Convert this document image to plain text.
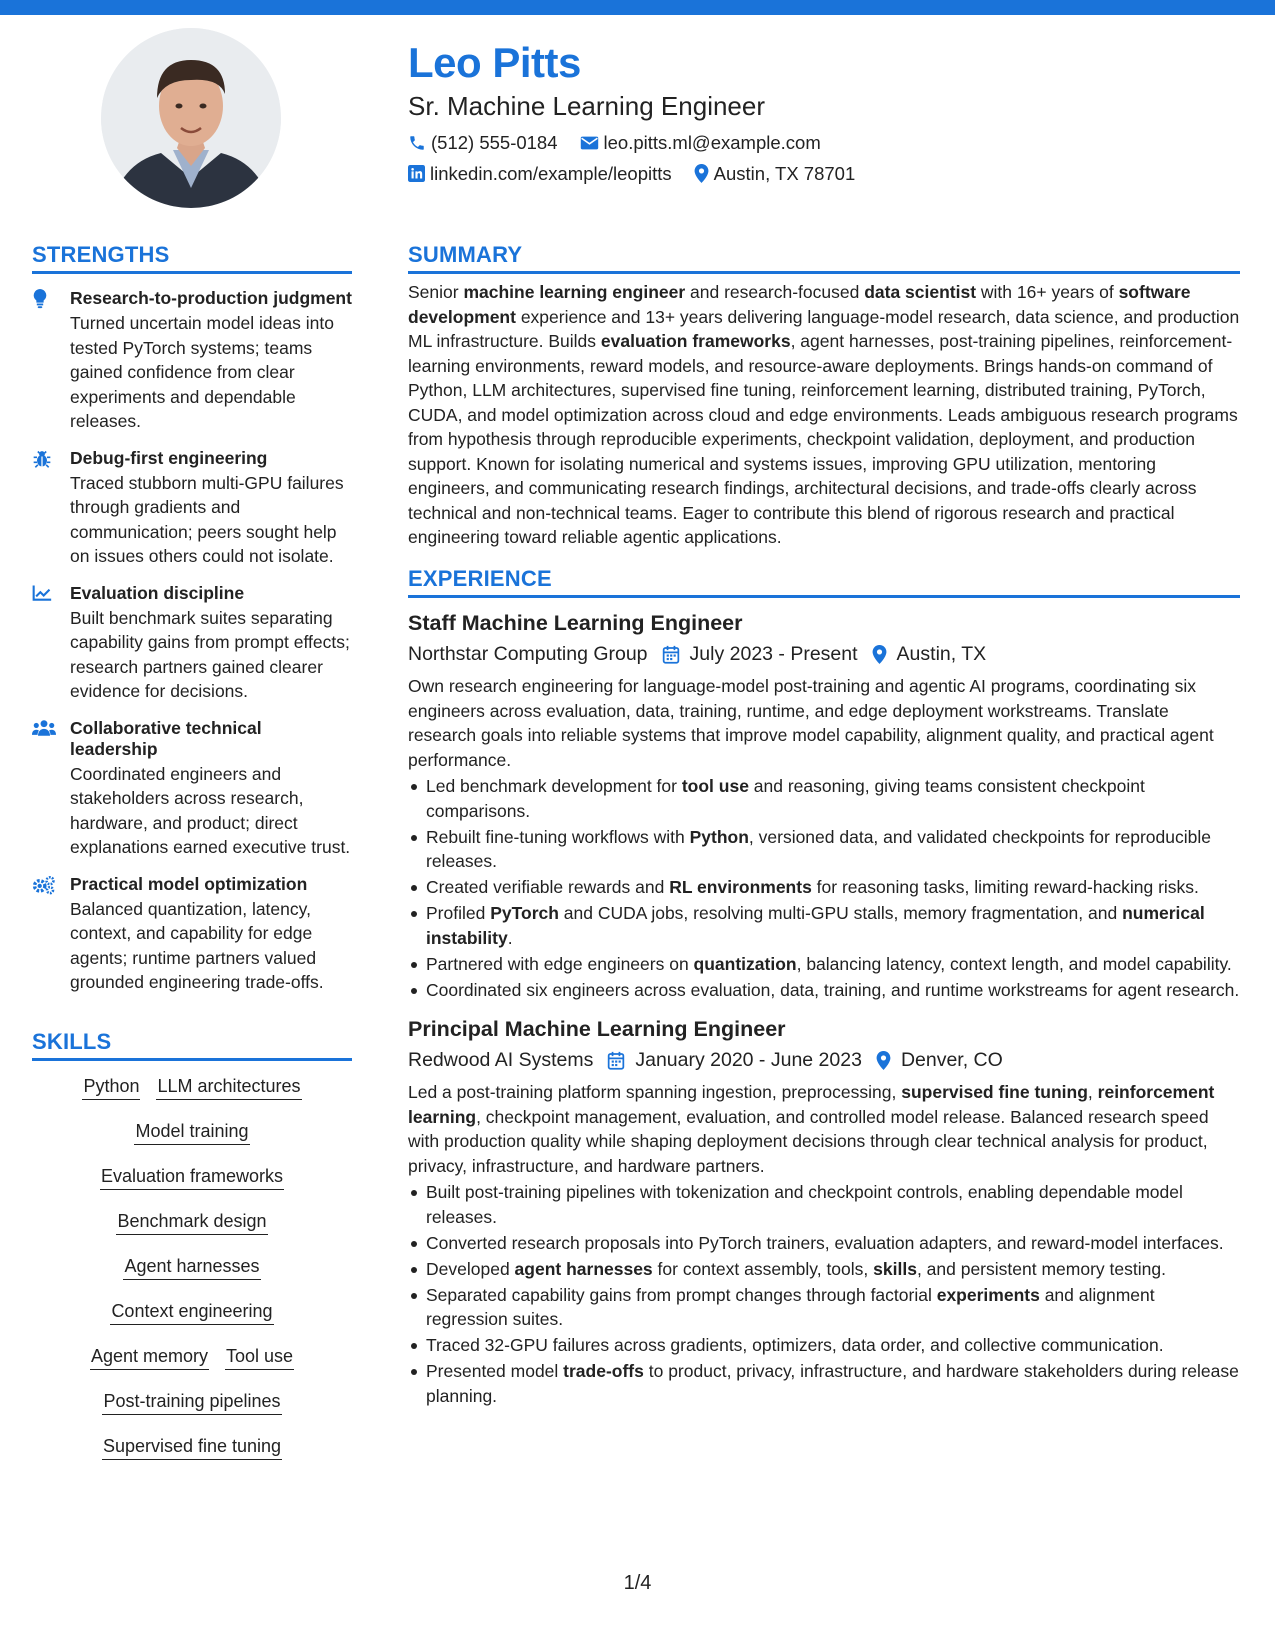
Leo Pitts
Sr. Machine Learning Engineer
(512) 555-0184 leo.pitts.ml@example.com
linkedin.com/example/leopitts Austin, TX 78701
STRENGTHS
Research-to-production judgment
Turned uncertain model ideas into tested PyTorch systems; teams gained confidence from clear experiments and dependable releases.
Debug-first engineering
Traced stubborn multi-GPU failures through gradients and communication; peers sought help on issues others could not isolate.
Evaluation discipline
Built benchmark suites separating capability gains from prompt effects; research partners gained clearer evidence for decisions.
Collaborative technical leadership
Coordinated engineers and stakeholders across research, hardware, and product; direct explanations earned executive trust.
Practical model optimization
Balanced quantization, latency, context, and capability for edge agents; runtime partners valued grounded engineering trade-offs.
SKILLS
Python LLM architectures
Model training
Evaluation frameworks
Benchmark design
Agent harnesses
Context engineering
Agent memory Tool use
Post-training pipelines
Supervised fine tuning
SUMMARY
Senior machine learning engineer and research-focused data scientist with 16+ years of software development experience and 13+ years delivering language-model research, data science, and production ML infrastructure. Builds evaluation frameworks, agent harnesses, post-training pipelines, reinforcement-learning environments, reward models, and resource-aware deployments. Brings hands-on command of Python, LLM architectures, supervised fine tuning, reinforcement learning, distributed training, PyTorch, CUDA, and model optimization across cloud and edge environments. Leads ambiguous research programs from hypothesis through reproducible experiments, checkpoint validation, deployment, and production support. Known for isolating numerical and systems issues, improving GPU utilization, mentoring engineers, and communicating research findings, architectural decisions, and trade-offs clearly across technical and non-technical teams. Eager to contribute this blend of rigorous research and practical engineering toward reliable agentic applications.
EXPERIENCE
Staff Machine Learning Engineer
Northstar Computing Group July 2023 - Present Austin, TX
Own research engineering for language-model post-training and agentic AI programs, coordinating six engineers across evaluation, data, training, runtime, and edge deployment workstreams. Translate research goals into reliable systems that improve model capability, alignment quality, and practical agent performance.
Led benchmark development for tool use and reasoning, giving teams consistent checkpoint comparisons.
Rebuilt fine-tuning workflows with Python, versioned data, and validated checkpoints for reproducible releases.
Created verifiable rewards and RL environments for reasoning tasks, limiting reward-hacking risks.
Profiled PyTorch and CUDA jobs, resolving multi-GPU stalls, memory fragmentation, and numerical instability.
Partnered with edge engineers on quantization, balancing latency, context length, and model capability.
Coordinated six engineers across evaluation, data, training, and runtime workstreams for agent research.
Principal Machine Learning Engineer
Redwood AI Systems January 2020 - June 2023 Denver, CO
Led a post-training platform spanning ingestion, preprocessing, supervised fine tuning, reinforcement learning, checkpoint management, evaluation, and controlled model release. Balanced research speed with production quality while shaping deployment decisions through clear technical analysis for product, privacy, infrastructure, and hardware partners.
Built post-training pipelines with tokenization and checkpoint controls, enabling dependable model releases.
Converted research proposals into PyTorch trainers, evaluation adapters, and reward-model interfaces.
Developed agent harnesses for context assembly, tools, skills, and persistent memory testing.
Separated capability gains from prompt changes through factorial experiments and alignment regression suites.
Traced 32-GPU failures across gradients, optimizers, data order, and collective communication.
Presented model trade-offs to product, privacy, infrastructure, and hardware stakeholders during release planning.
1/4
